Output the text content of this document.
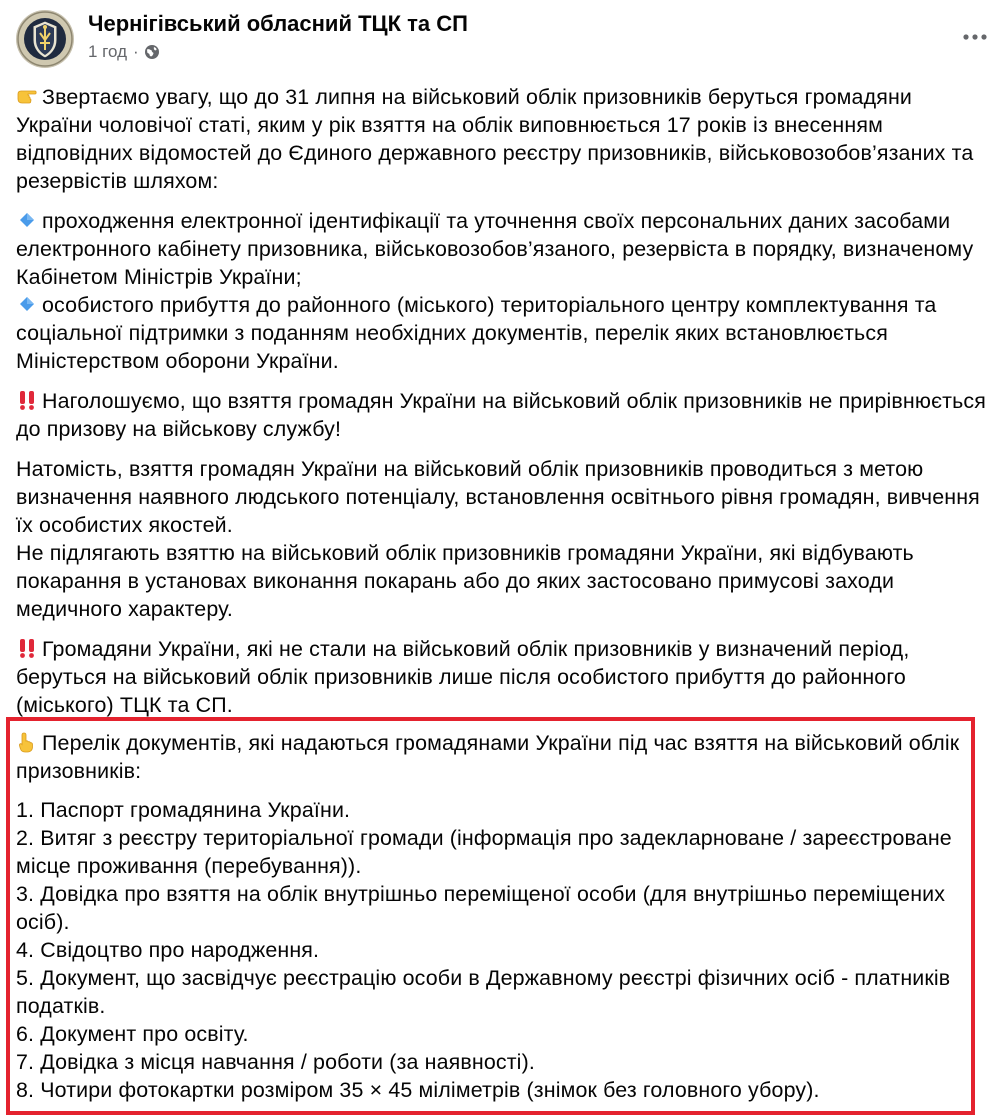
Чернігівський обласний ТЦК та СП
1 год ·

Звертаємо увагу, що до 31 липня на військовий облік призовників беруться громадяни України чоловічої статі, яким у рік взяття на облік виповнюється 17 років із внесенням відповідних відомостей до Єдиного державного реєстру призовників, військовозобов’язаних та резервістів шляхом:

проходження електронної ідентифікації та уточнення своїх персональних даних засобами електронного кабінету призовника, військовозобов’язаного, резервіста в порядку, визначеному Кабінетом Міністрів України;

особистого прибуття до районного (міського) територіального центру комплектування та соціальної підтримки з поданням необхідних документів, перелік яких встановлюється Міністерством оборони України.

Наголошуємо, що взяття громадян України на військовий облік призовників не прирівнюється до призову на військову службу!

Натомість, взяття громадян України на військовий облік призовників проводиться з метою визначення наявного людського потенціалу, встановлення освітнього рівня громадян, вивчення їх особистих якостей.

Не підлягають взяттю на військовий облік призовників громадяни України, які відбувають покарання в установах виконання покарань або до яких застосовано примусові заходи медичного характеру.

Громадяни України, які не стали на військовий облік призовників у визначений період, беруться на військовий облік призовників лише після особистого прибуття до районного (міського) ТЦК та СП.

Перелік документів, які надаються громадянами України під час взяття на військовий облік призовників:

1. Паспорт громадянина України.

2. Витяг з реєстру територіальної громади (інформація про задекларноване / зареєстроване місце проживання (перебування)).

3. Довідка про взяття на облік внутрішньо переміщеної особи (для внутрішньо переміщених осіб).

4. Свідоцтво про народження.

5. Документ, що засвідчує реєстрацію особи в Державному реєстрі фізичних осіб - платників податків.

6. Документ про освіту.

7. Довідка з місця навчання / роботи (за наявності).

8. Чотири фотокартки розміром 35 × 45 міліметрів (знімок без головного убору).
